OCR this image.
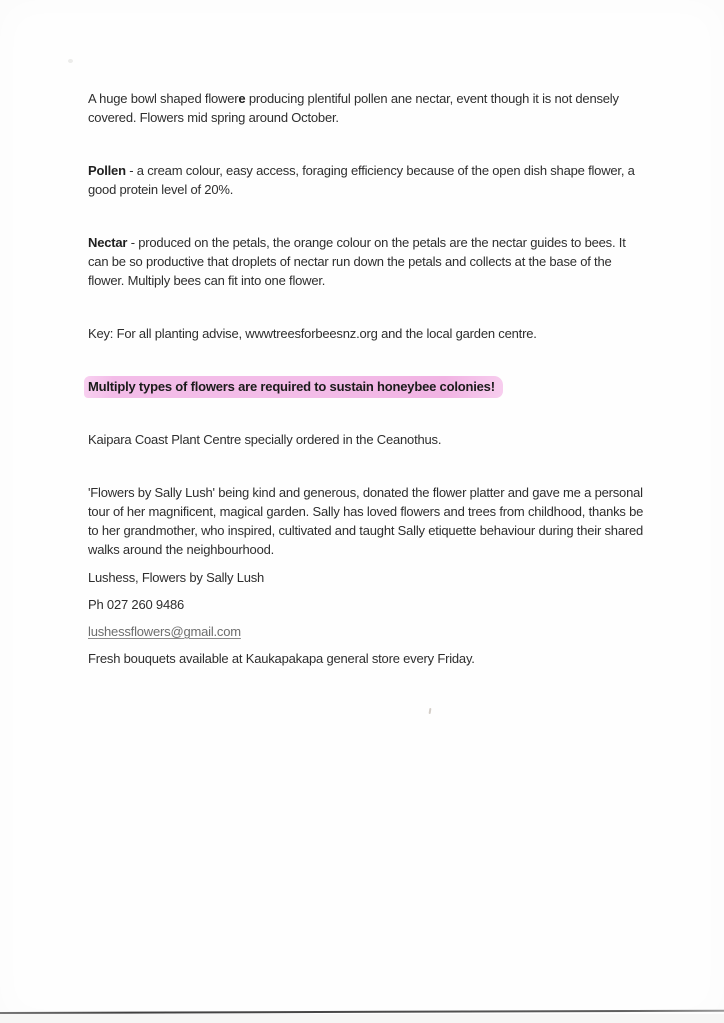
A huge bowl shaped flowere producing plentiful pollen ane nectar, event though it is not densely covered. Flowers mid spring around October.

Pollen - a cream colour, easy access, foraging efficiency because of the open dish shape flower, a good protein level of 20%.

Nectar - produced on the petals, the orange colour on the petals are the nectar guides to bees. It can be so productive that droplets of nectar run down the petals and collects at the base of the flower. Multiply bees can fit into one flower.

Key: For all planting advise, wwwtreesforbeesnz.org and the local garden centre.

Multiply types of flowers are required to sustain honeybee colonies!

Kaipara Coast Plant Centre specially ordered in the Ceanothus.

'Flowers by Sally Lush' being kind and generous, donated the flower platter and gave me a personal tour of her magnificent, magical garden. Sally has loved flowers and trees from childhood, thanks be to her grandmother, who inspired, cultivated and taught Sally etiquette behaviour during their shared walks around the neighbourhood.

Lushess, Flowers by Sally Lush

Ph 027 260 9486

lushessflowers@gmail.com

Fresh bouquets available at Kaukapakapa general store every Friday.
